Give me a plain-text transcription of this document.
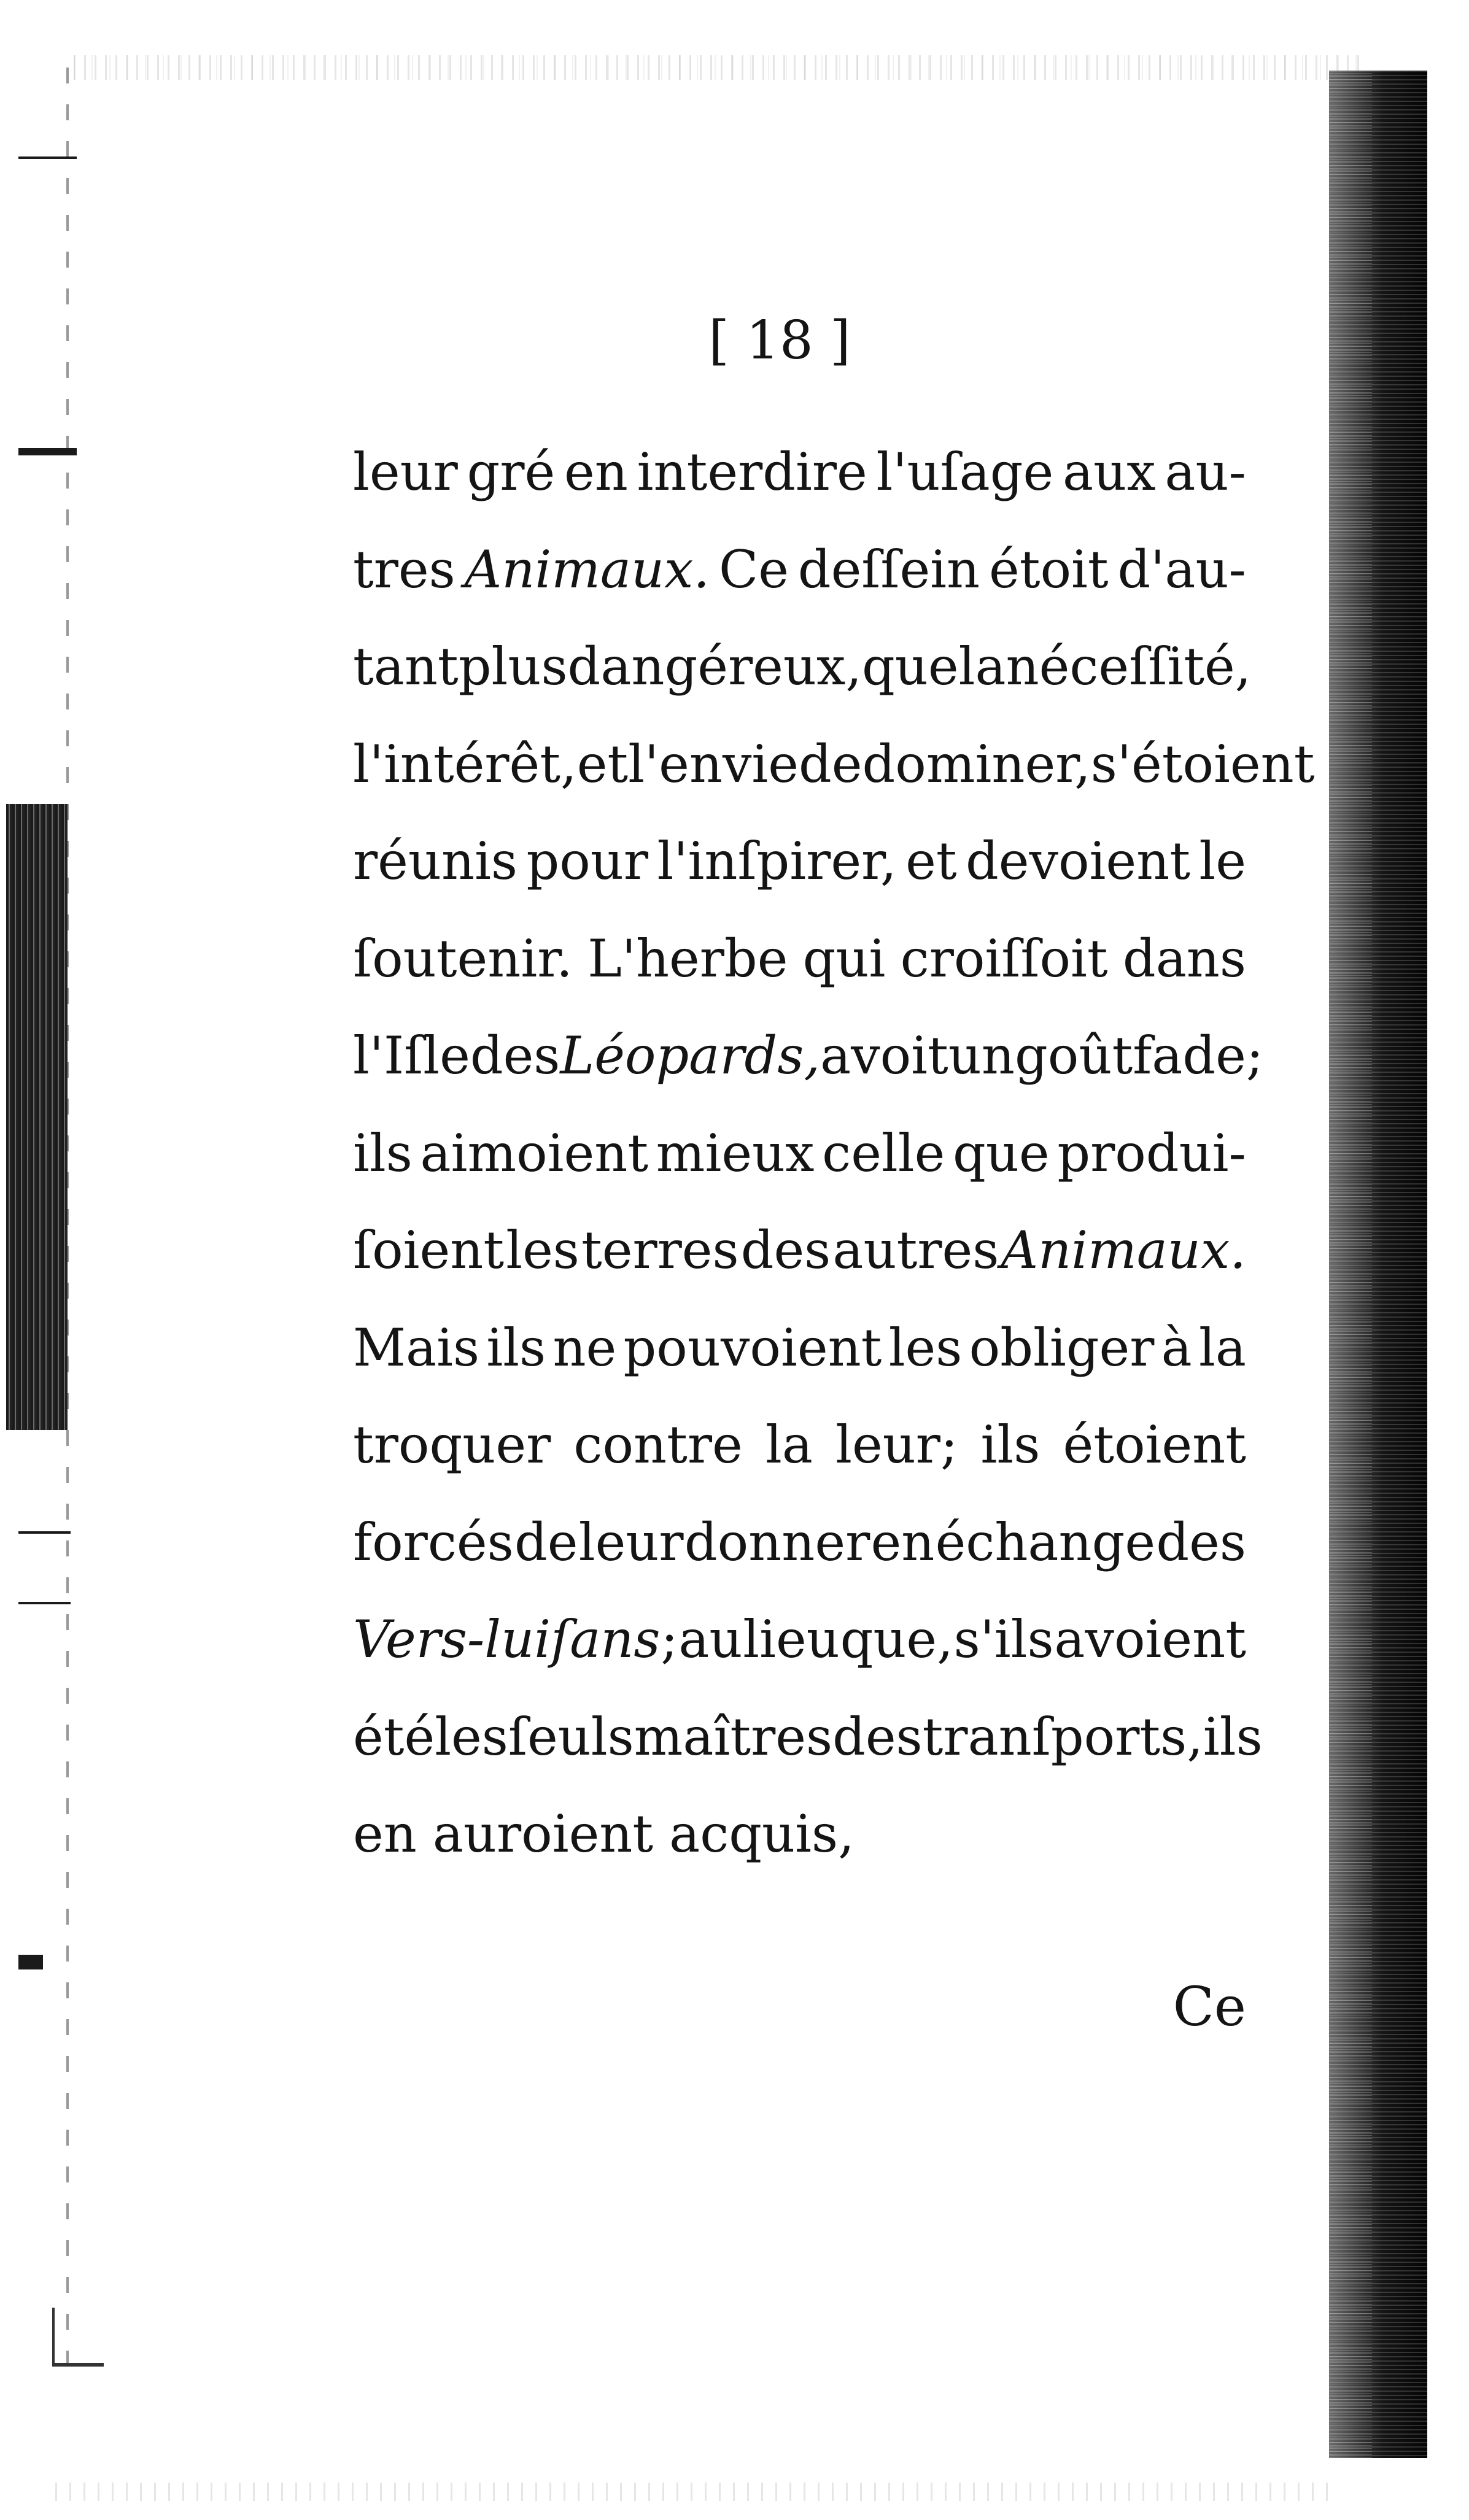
[ 18 ]
leur gré en interdire l'uſage aux au-
tres Animaux. Ce deſſein étoit d'au-
tant plus dangéreux, que la néceſſité,
l'intérêt, et l'envie de dominer, s'étoient
réunis pour l'inſpirer, et devoient le
ſoutenir. L'herbe qui croiſſoit dans
l'Iſle des Léopards, avoit un goût fade;
ils aimoient mieux celle que produi-
ſoient les terres des autres Animaux.
Mais ils ne pouvoient les obliger à la
troquer contre la leur; ils étoient
forcés de leur donner en échange des
Vers-luiſans ; au lieu que, s'ils avoient
été les ſeuls maîtres des tranſports, ils
en auroient acquis,
Ce
